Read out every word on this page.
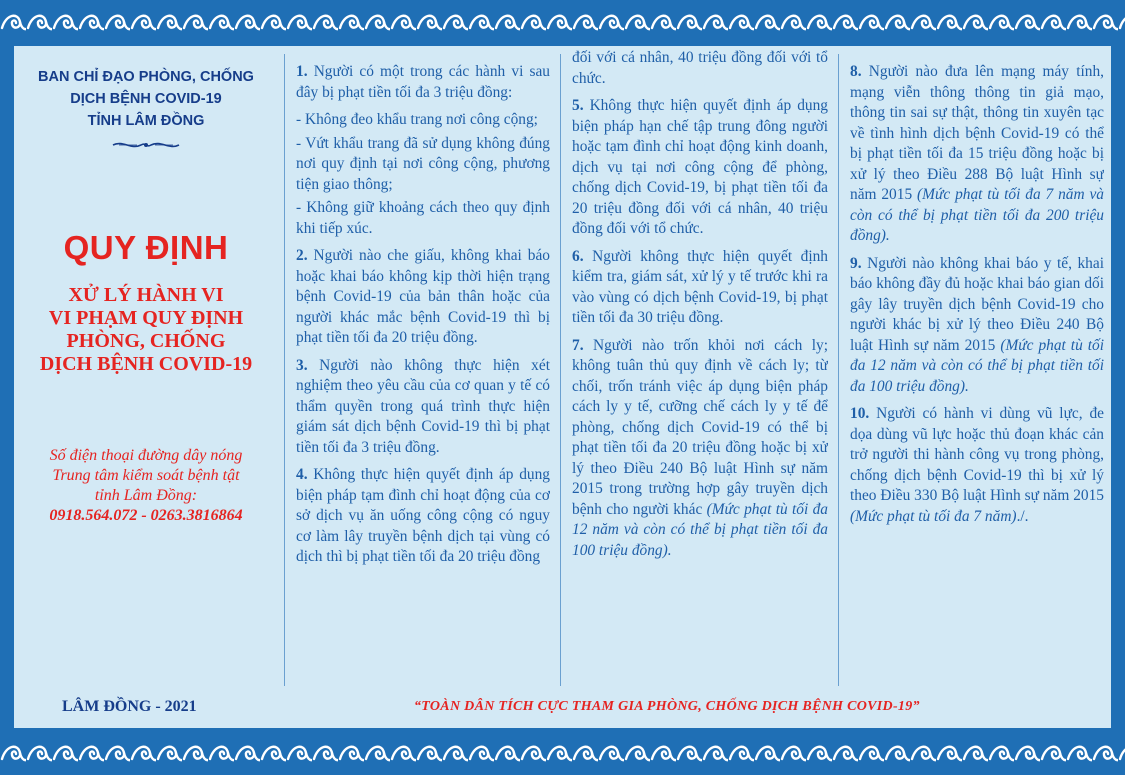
BAN CHỈ ĐẠO PHÒNG, CHỐNG
DỊCH BỆNH COVID-19
TỈNH LÂM ĐỒNG
QUY ĐỊNH
XỬ LÝ HÀNH VI
VI PHẠM QUY ĐỊNH
PHÒNG, CHỐNG
DỊCH BỆNH COVID-19
Số điện thoại đường dây nóng
Trung tâm kiểm soát bệnh tật
tỉnh Lâm Đồng:
0918.564.072 - 0263.3816864

1. Người có một trong các hành vi sau đây bị phạt tiền tối đa 3 triệu đồng:

- Không đeo khẩu trang nơi công cộng;

- Vứt khẩu trang đã sử dụng không đúng nơi quy định tại nơi công cộng, phương tiện giao thông;

- Không giữ khoảng cách theo quy định khi tiếp xúc.

2. Người nào che giấu, không khai báo hoặc khai báo không kịp thời hiện trạng bệnh Covid-19 của bản thân hoặc của người khác mắc bệnh Covid-19 thì bị phạt tiền tối đa 20 triệu đồng.

3. Người nào không thực hiện xét nghiệm theo yêu cầu của cơ quan y tế có thẩm quyền trong quá trình thực hiện giám sát dịch bệnh Covid-19 thì bị phạt tiền tối đa 3 triệu đồng.

4. Không thực hiện quyết định áp dụng biện pháp tạm đình chỉ hoạt động của cơ sở dịch vụ ăn uống công cộng có nguy cơ làm lây truyền bệnh dịch tại vùng có dịch thì bị phạt tiền tối đa 20 triệu đồng

đối với cá nhân, 40 triệu đồng đối với tổ chức.

5. Không thực hiện quyết định áp dụng biện pháp hạn chế tập trung đông người hoặc tạm đình chỉ hoạt động kinh doanh, dịch vụ tại nơi công cộng để phòng, chống dịch Covid-19, bị phạt tiền tối đa 20 triệu đồng đối với cá nhân, 40 triệu đồng đối với tổ chức.

6. Người không thực hiện quyết định kiểm tra, giám sát, xử lý y tế trước khi ra vào vùng có dịch bệnh Covid-19, bị phạt tiền tối đa 30 triệu đồng.

7. Người nào trốn khỏi nơi cách ly; không tuân thủ quy định về cách ly; từ chối, trốn tránh việc áp dụng biện pháp cách ly y tế, cưỡng chế cách ly y tế để phòng, chống dịch Covid-19 có thể bị phạt tiền tối đa 20 triệu đồng hoặc bị xử lý theo Điều 240 Bộ luật Hình sự năm 2015 trong trường hợp gây truyền dịch bệnh cho người khác (Mức phạt tù tối đa 12 năm và còn có thể bị phạt tiền tối đa 100 triệu đồng).

8. Người nào đưa lên mạng máy tính, mạng viễn thông thông tin giả mạo, thông tin sai sự thật, thông tin xuyên tạc về tình hình dịch bệnh Covid-19 có thể bị phạt tiền tối đa 15 triệu đồng hoặc bị xử lý theo Điều 288 Bộ luật Hình sự năm 2015 (Mức phạt tù tối đa 7 năm và còn có thể bị phạt tiền tối đa 200 triệu đồng).

9. Người nào không khai báo y tế, khai báo không đầy đủ hoặc khai báo gian dối gây lây truyền dịch bệnh Covid-19 cho người khác bị xử lý theo Điều 240 Bộ luật Hình sự năm 2015 (Mức phạt tù tối đa 12 năm và còn có thể bị phạt tiền tối đa 100 triệu đồng).

10. Người có hành vi dùng vũ lực, đe dọa dùng vũ lực hoặc thủ đoạn khác cản trở người thi hành công vụ trong phòng, chống dịch bệnh Covid-19 thì bị xử lý theo Điều 330 Bộ luật Hình sự năm 2015 (Mức phạt tù tối đa 7 năm)./.

LÂM ĐỒNG - 2021	“TOÀN DÂN TÍCH CỰC THAM GIA PHÒNG, CHỐNG DỊCH BỆNH COVID-19”
